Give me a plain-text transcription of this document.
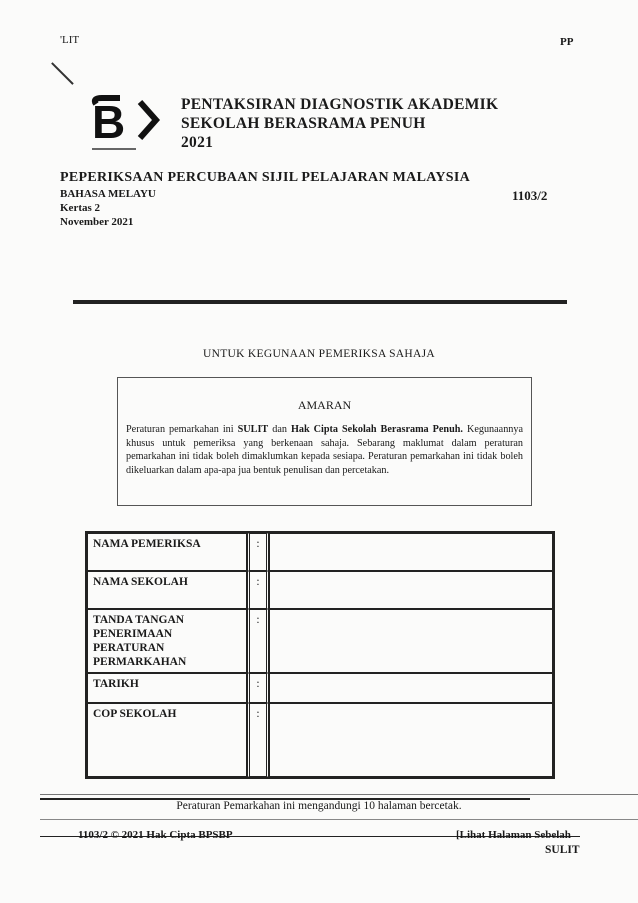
'LIT	PP
B	PENTAKSIRAN DIAGNOSTIK AKADEMIK
SEKOLAH BERASRAMA PENUH
2021
PEPERIKSAAN PERCUBAAN SIJIL PELAJARAN MALAYSIA
BAHASA MELAYU
Kertas 2
November 2021
1103/2
UNTUK KEGUNAAN PEMERIKSA SAHAJA
AMARAN
Peraturan pemarkahan ini SULIT dan Hak Cipta Sekolah Berasrama Penuh. Kegunaannya khusus untuk pemeriksa yang berkenaan sahaja. Sebarang maklumat dalam peraturan pemarkahan ini tidak boleh dimaklumkan kepada sesiapa. Peraturan pemarkahan ini tidak boleh dikeluarkan dalam apa-apa jua bentuk penulisan dan percetakan.
NAMA PEMERIKSA	:	
NAMA SEKOLAH	:	
TANDA TANGAN PENERIMAAN PERATURAN PERMARKAHAN	:	
TARIKH	:	
COP SEKOLAH	:	
Peraturan Pemarkahan ini mengandungi 10 halaman bercetak.
1103/2 © 2021 Hak Cipta BPSBP	[Lihat Halaman Sebelah
SULIT
